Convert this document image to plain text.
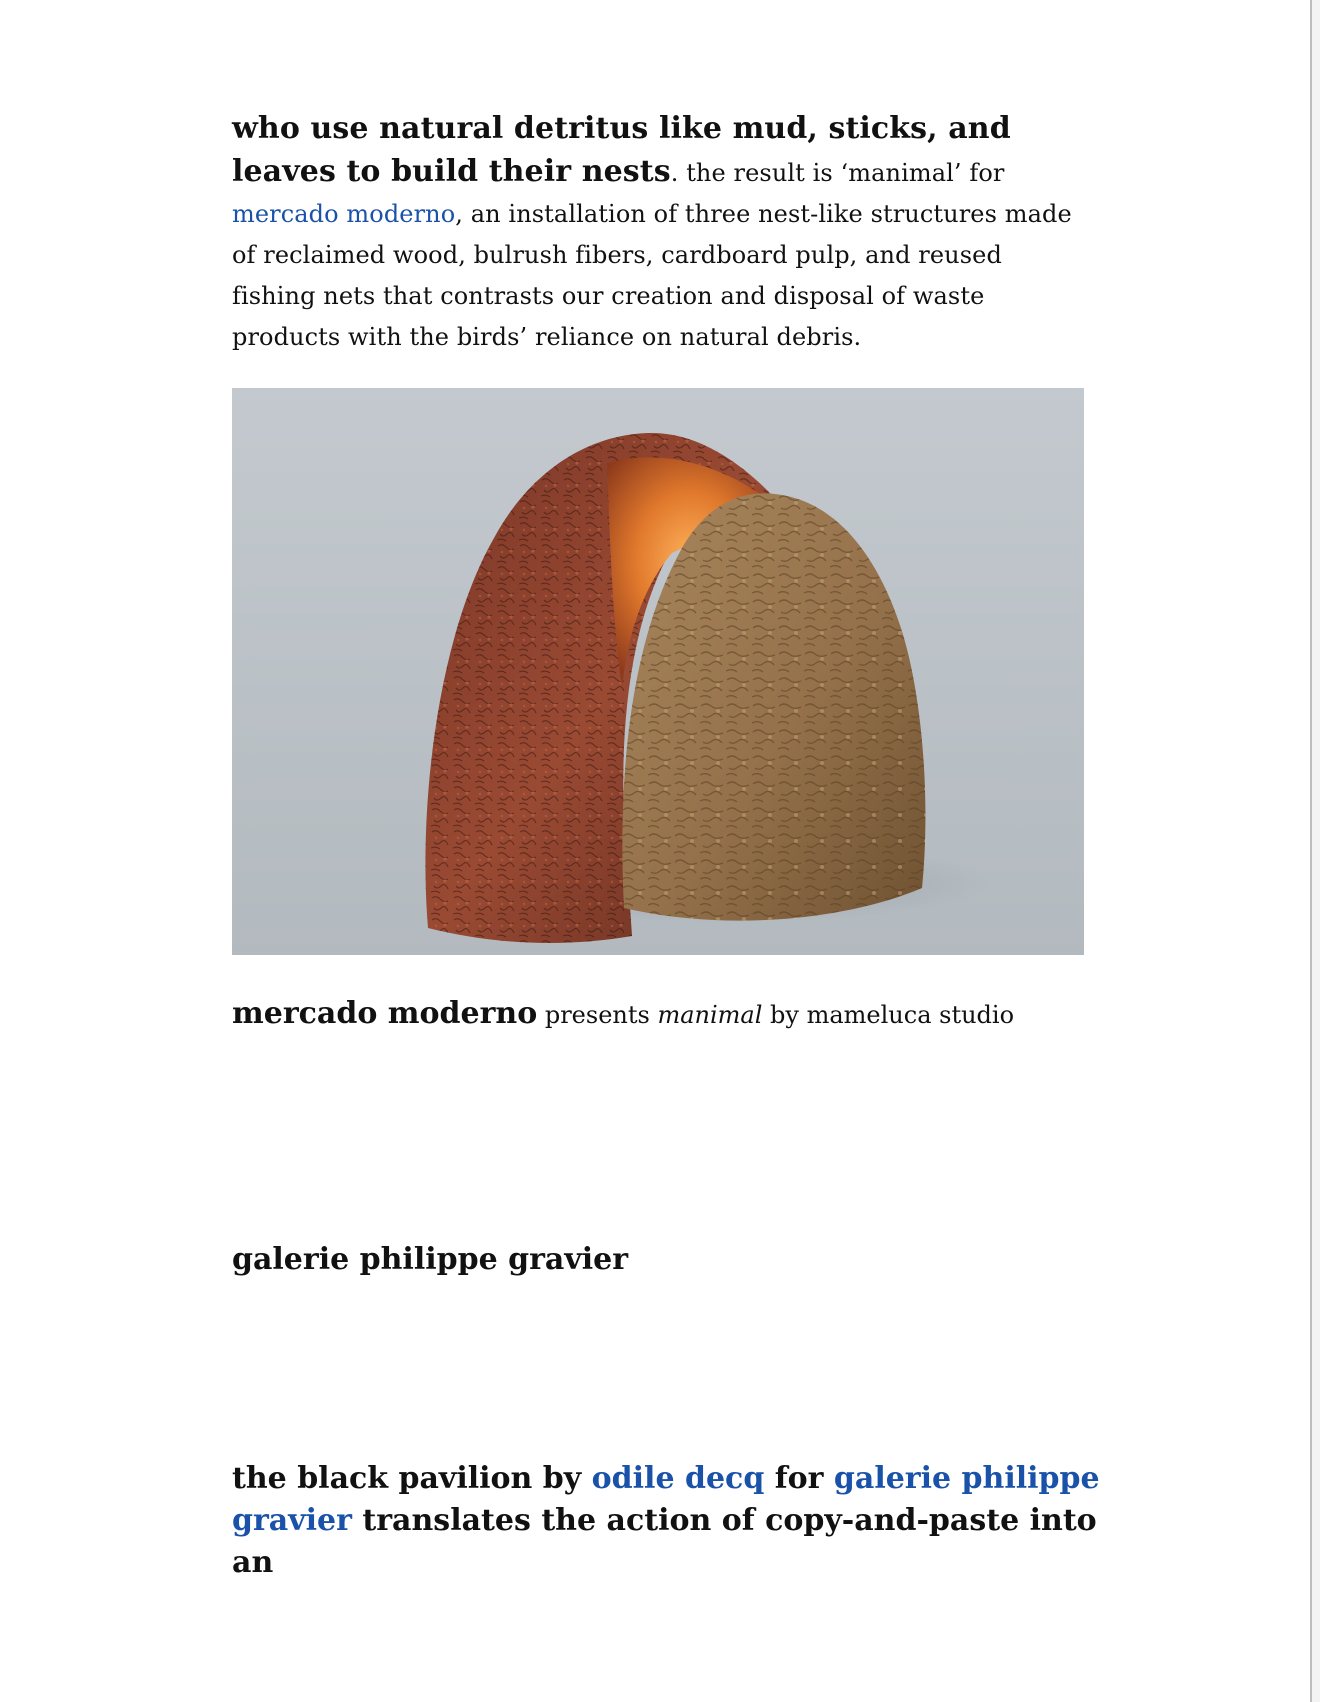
who use natural detritus like mud, sticks, and leaves to build their nests. the result is ‘manimal’ for mercado moderno, an installation of three nest-like structures made of reclaimed wood, bulrush fibers, cardboard pulp, and reused fishing nets that contrasts our creation and disposal of waste products with the birds’ reliance on natural debris.

mercado moderno presents manimal by mameluca studio

galerie philippe gravier

the black pavilion by odile decq for galerie philippe gravier translates the action of copy-and-paste into an
